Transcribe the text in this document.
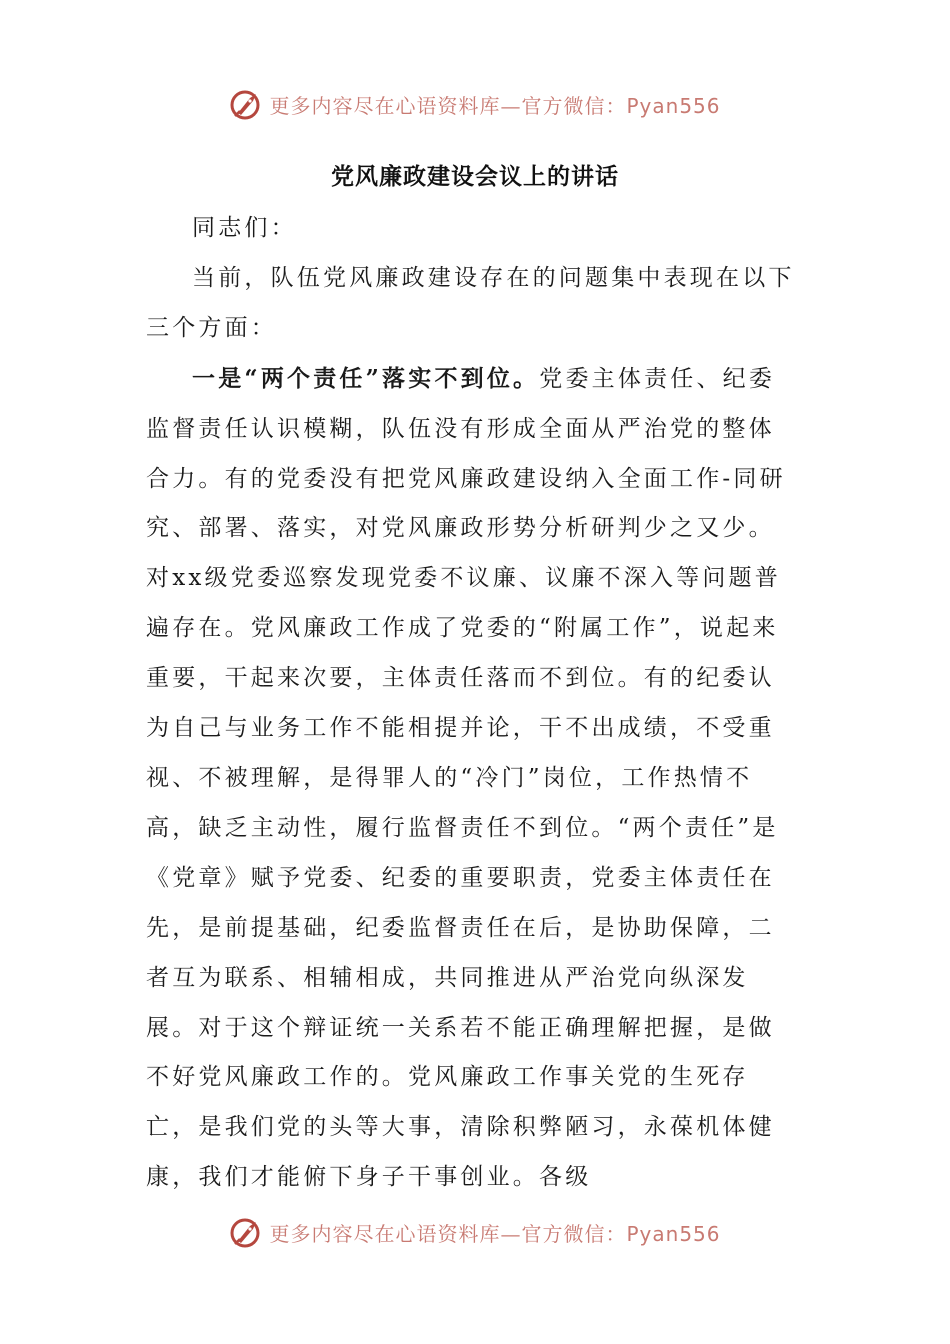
更多内容尽在心语资料库—官方微信：Pyan556
党风廉政建设会议上的讲话

同志们：

当前，队伍党风廉政建设存在的问题集中表现在以下三个方面：

一是“两个责任”落实不到位。党委主体责任、纪委监督责任认识模糊，队伍没有形成全面从严治党的整体合力。有的党委没有把党风廉政建设纳入全面工作-同研究、部署、落实，对党风廉政形势分析研判少之又少。对xx级党委巡察发现党委不议廉、议廉不深入等问题普遍存在。党风廉政工作成了党委的“附属工作”，说起来重要，干起来次要，主体责任落而不到位。有的纪委认为自己与业务工作不能相提并论，干不出成绩，不受重视、不被理解，是得罪人的“冷门”岗位，工作热情不高，缺乏主动性，履行监督责任不到位。“两个责任”是《党章》赋予党委、纪委的重要职责，党委主体责任在先，是前提基础，纪委监督责任在后，是协助保障，二者互为联系、相辅相成，共同推进从严治党向纵深发展。对于这个辩证统一关系若不能正确理解把握，是做不好党风廉政工作的。党风廉政工作事关党的生死存亡，是我们党的头等大事，清除积弊陋习，永葆机体健康，我们才能俯下身子干事创业。各级

更多内容尽在心语资料库—官方微信：Pyan556
